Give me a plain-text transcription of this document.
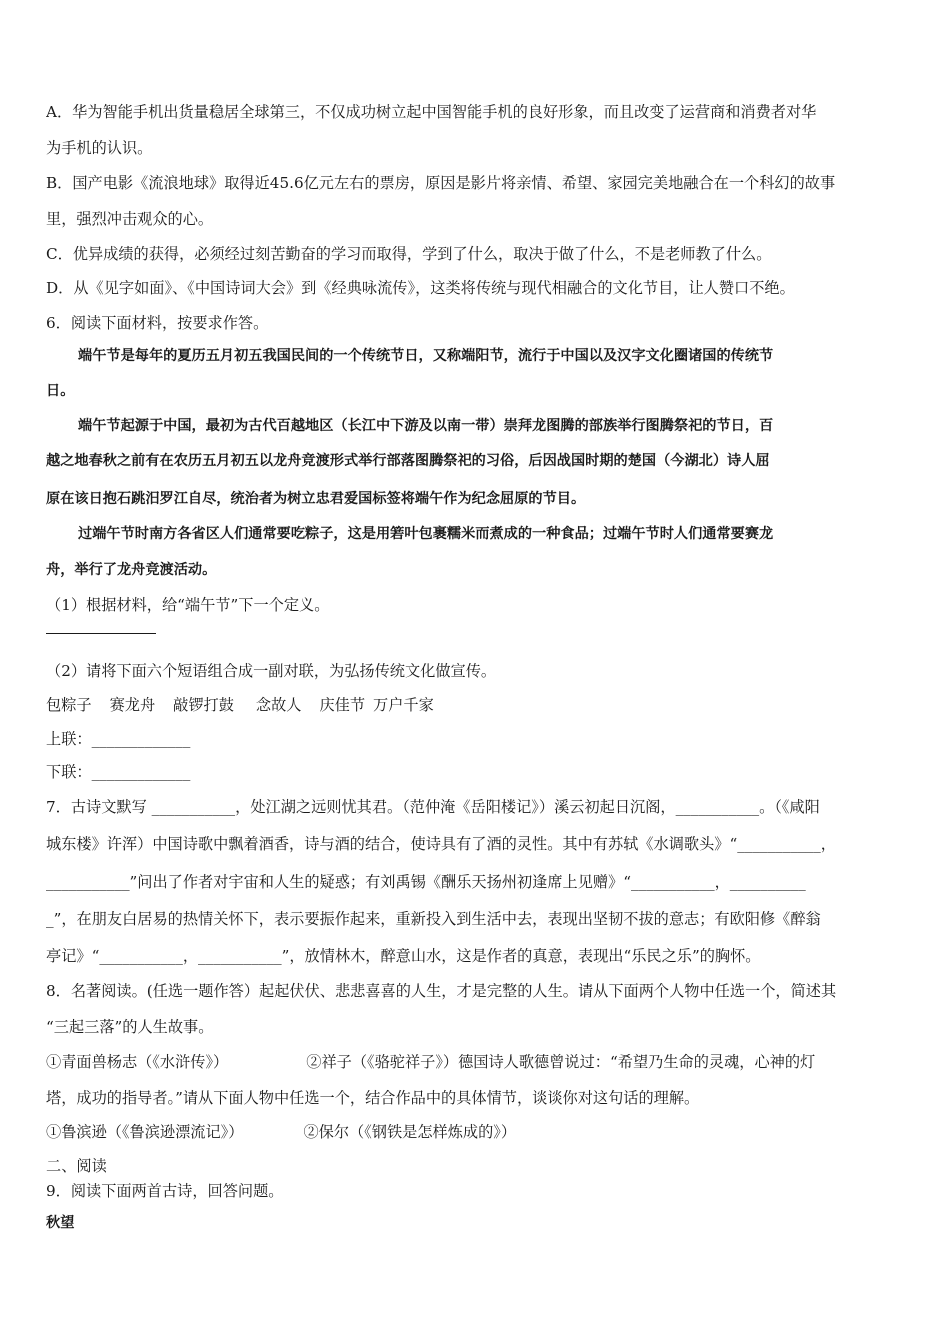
A．华为智能手机出货量稳居全球第三，不仅成功树立起中国智能手机的良好形象，而且改变了运营商和消费者对华
为手机的认识。
B．国产电影《流浪地球》取得近45.6亿元左右的票房，原因是影片将亲情、希望、家园完美地融合在一个科幻的故事
里，强烈冲击观众的心。
C．优异成绩的获得，必须经过刻苦勤奋的学习而取得，学到了什么，取决于做了什么，不是老师教了什么。
D．从《见字如面》、《中国诗词大会》到《经典咏流传》，这类将传统与现代相融合的文化节目，让人赞口不绝。
6．阅读下面材料，按要求作答。
端午节是每年的夏历五月初五我国民间的一个传统节日，又称端阳节，流行于中国以及汉字文化圈诸国的传统节
日。
端午节起源于中国，最初为古代百越地区（长江中下游及以南一带）崇拜龙图腾的部族举行图腾祭祀的节日，百
越之地春秋之前有在农历五月初五以龙舟竞渡形式举行部落图腾祭祀的习俗，后因战国时期的楚国（今湖北）诗人屈
原在该日抱石跳汨罗江自尽，统治者为树立忠君爱国标签将端午作为纪念屈原的节目。
过端午节时南方各省区人们通常要吃粽子，这是用箬叶包裹糯米而煮成的一种食品；过端午节时人们通常要赛龙
舟，举行了龙舟竞渡活动。
（1）根据材料，给“端午节”下一个定义。
（2）请将下面六个短语组合成一副对联，为弘扬传统文化做宣传。
包粽子 赛龙舟 敲锣打鼓 念故人 庆佳节 万户千家
上联：_____________
下联：_____________
7．古诗文默写 ___________，处江湖之远则忧其君。（范仲淹《岳阳楼记》）溪云初起日沉阁，___________。（《咸阳
城东楼》许浑）中国诗歌中飘着酒香，诗与酒的结合，使诗具有了酒的灵性。其中有苏轼《水调歌头》“___________，
___________”问出了作者对宇宙和人生的疑惑；有刘禹锡《酬乐天扬州初逢席上见赠》“___________，__________
_”，在朋友白居易的热情关怀下，表示要振作起来，重新投入到生活中去，表现出坚韧不拔的意志；有欧阳修《醉翁
亭记》“___________，___________”，放情林木，醉意山水，这是作者的真意，表现出“乐民之乐”的胸怀。
8．名著阅读。(任选一题作答）起起伏伏、悲悲喜喜的人生，才是完整的人生。请从下面两个人物中任选一个，简述其
“三起三落”的人生故事。
①青面兽杨志（《水浒传》）	②祥子（《骆驼祥子》）德国诗人歌德曾说过：“希望乃生命的灵魂，心神的灯
塔，成功的指导者。”请从下面人物中任选一个，结合作品中的具体情节，谈谈你对这句话的理解。
①鲁滨逊（《鲁滨逊漂流记》）	②保尔（《钢铁是怎样炼成的》）
二、阅读
9．阅读下面两首古诗，回答问题。
秋望
